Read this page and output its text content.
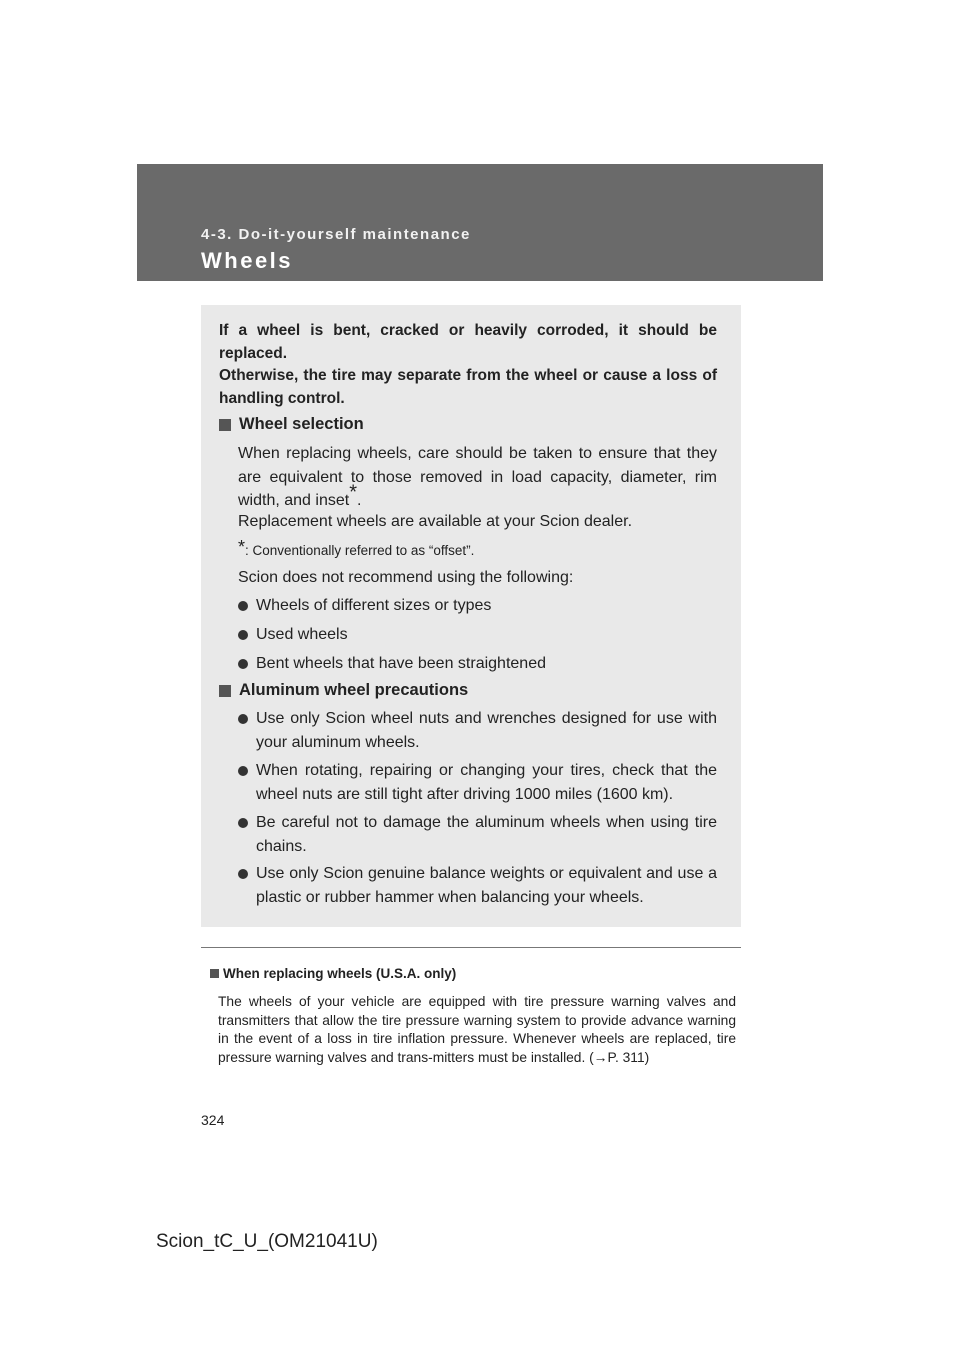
4-3. Do-it-yourself maintenance
Wheels
If a wheel is bent, cracked or heavily corroded, it should be replaced.
Otherwise, the tire may separate from the wheel or cause a loss of handling control.
Wheel selection
When replacing wheels, care should be taken to ensure that they are equivalent to those removed in load capacity, diameter, rim width, and inset*.
Replacement wheels are available at your Scion dealer.
*: Conventionally referred to as “offset”.
Scion does not recommend using the following:
Wheels of different sizes or types
Used wheels
Bent wheels that have been straightened
Aluminum wheel precautions
Use only Scion wheel nuts and wrenches designed for use with your aluminum wheels.
When rotating, repairing or changing your tires, check that the wheel nuts are still tight after driving 1000 miles (1600 km).
Be careful not to damage the aluminum wheels when using tire chains.
Use only Scion genuine balance weights or equivalent and use a plastic or rubber hammer when balancing your wheels.
When replacing wheels (U.S.A. only)
The wheels of your vehicle are equipped with tire pressure warning valves and transmitters that allow the tire pressure warning system to provide advance warning in the event of a loss in tire inflation pressure. Whenever wheels are replaced, tire pressure warning valves and trans-mitters must be installed. (→P. 311)
324
Scion_tC_U_(OM21041U)
